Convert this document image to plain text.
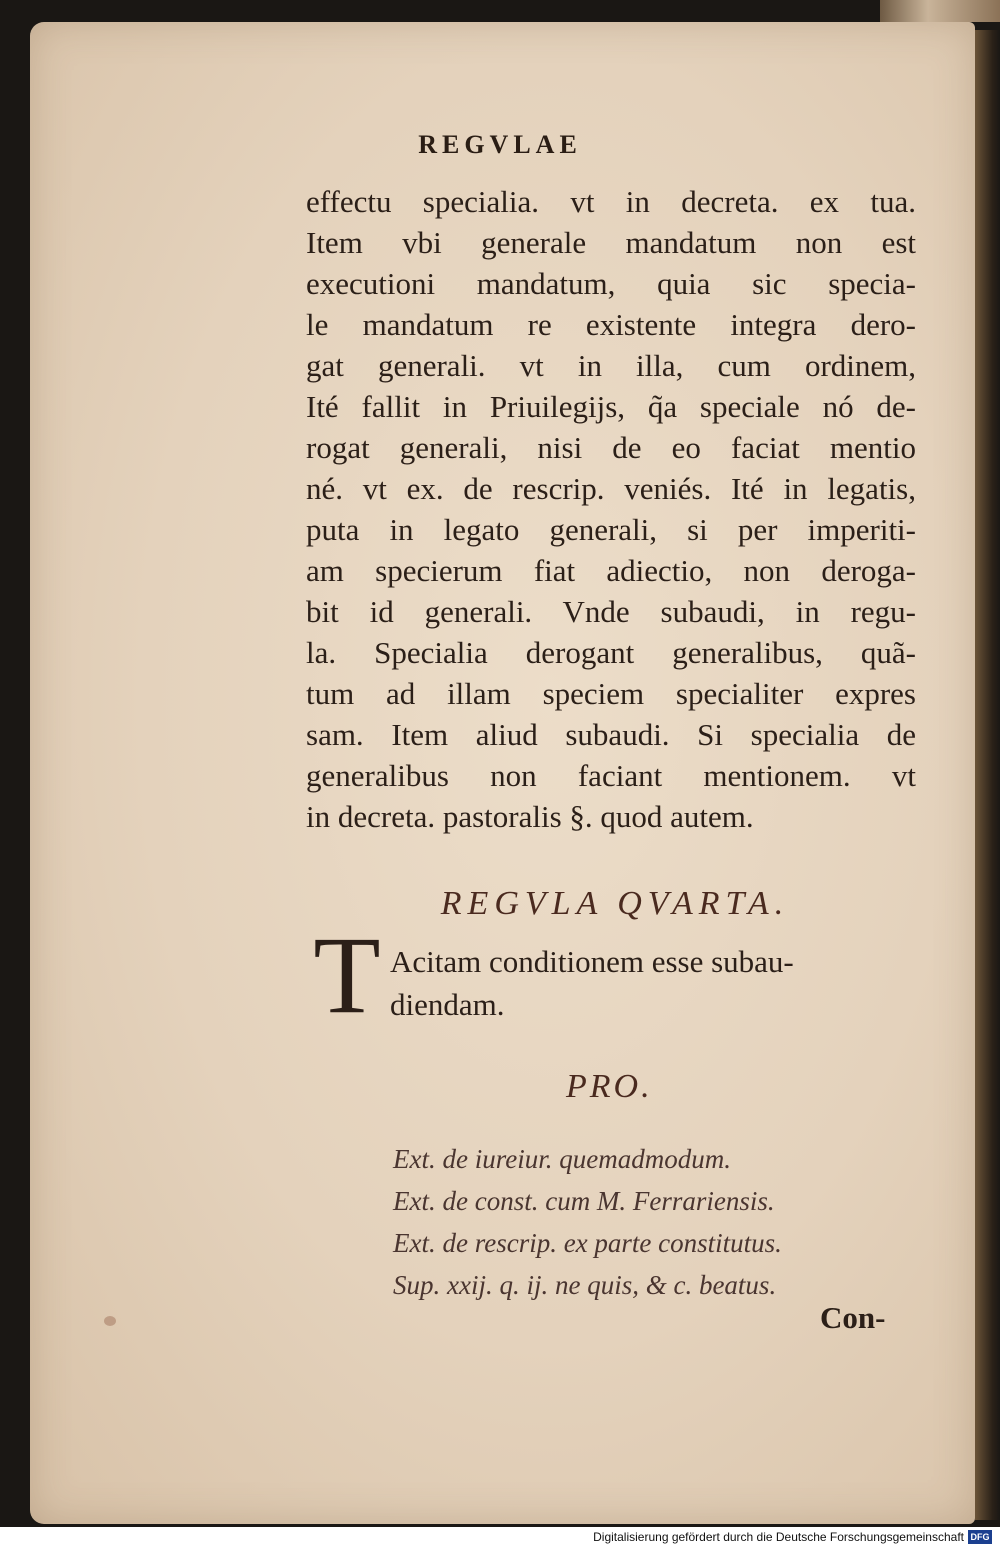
REGVLAE
effectu specialia. vt in decreta. ex tua.
Item vbi generale mandatum non est
executioni mandatum, quia sic specia-
le mandatum re existente integra dero-
gat generali. vt in illa, cum ordinem,
Ité fallit in Priuilegijs, q̃a speciale nó de-
rogat generali, nisi de eo faciat mentio
né. vt ex. de rescrip. veniés. Ité in legatis,
puta in legato generali, si per imperiti-
am specierum fiat adiectio, non deroga-
bit id generali. Vnde subaudi, in regu-
la. Specialia derogant generalibus, quã-
tum ad illam speciem specialiter expres
sam. Item aliud subaudi. Si specialia de
generalibus non faciant mentionem. vt
in decreta. pastoralis §. quod autem.
REGVLA QVARTA.
T Acitam conditionem esse subau-
diendam.
PRO.
Ext. de iureiur. quemadmodum.
Ext. de const. cum M. Ferrariensis.
Ext. de rescrip. ex parte constitutus.
Sup. xxij. q. ij. ne quis, & c. beatus.
Con-
Digitalisierung gefördert durch die Deutsche Forschungsgemeinschaft DFG
